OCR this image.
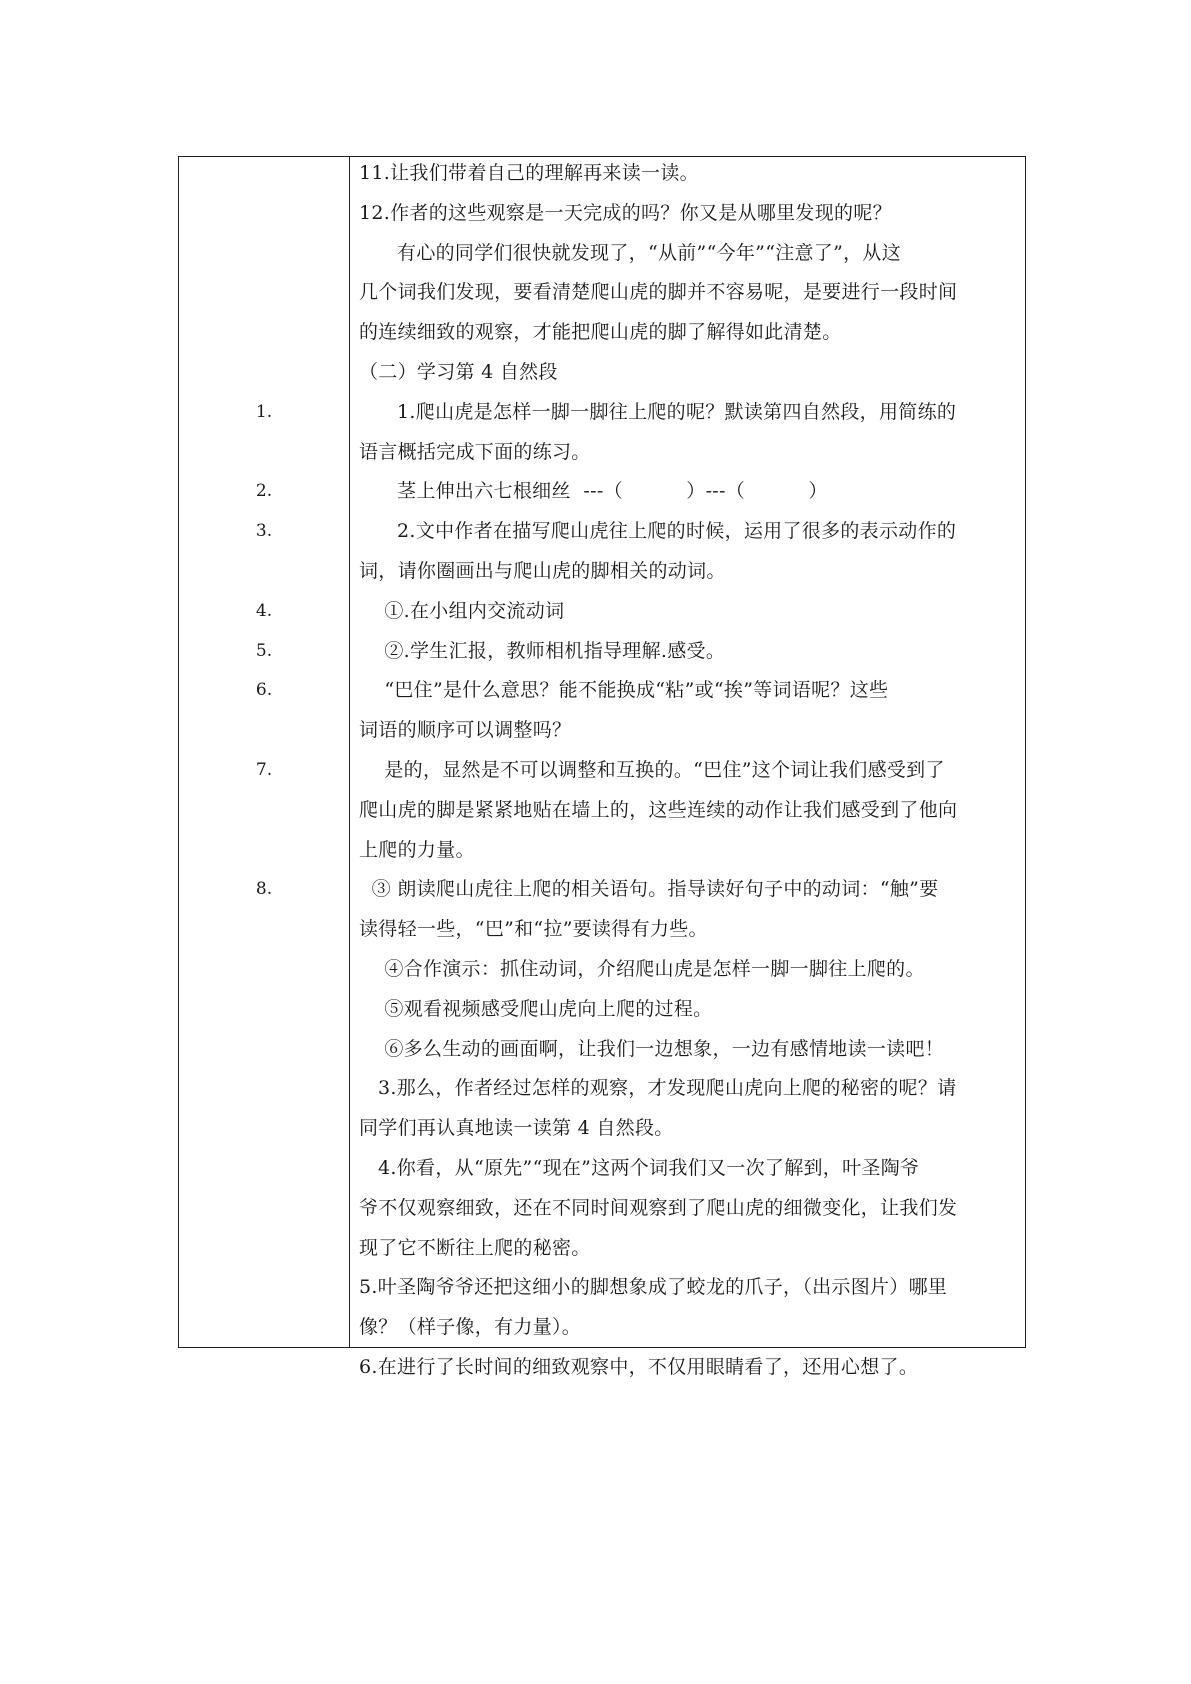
11.让我们带着自己的理解再来读一读。
12.作者的这些观察是一天完成的吗？你又是从哪里发现的呢？
有心的同学们很快就发现了，“从前”“今年”“注意了”，从这
几个词我们发现，要看清楚爬山虎的脚并不容易呢，是要进行一段时间
的连续细致的观察，才能把爬山虎的脚了解得如此清楚。
（二）学习第 4 自然段
1.爬山虎是怎样一脚一脚往上爬的呢？默读第四自然段，用简练的
1.
语言概括完成下面的练习。
茎上伸出六七根细丝  ---（          ）---（          ）
2.
2.文中作者在描写爬山虎往上爬的时候，运用了很多的表示动作的
3.
词，请你圈画出与爬山虎的脚相关的动词。
①.在小组内交流动词
4.
②.学生汇报，教师相机指导理解.感受。
5.
“巴住”是什么意思？能不能换成“粘”或“挨”等词语呢？这些
6.
词语的顺序可以调整吗？
是的，显然是不可以调整和互换的。“巴住”这个词让我们感受到了
7.
爬山虎的脚是紧紧地贴在墙上的，这些连续的动作让我们感受到了他向
上爬的力量。
③ 朗读爬山虎往上爬的相关语句。指导读好句子中的动词：“触”要
8.
读得轻一些，“巴”和“拉”要读得有力些。
④合作演示：抓住动词，介绍爬山虎是怎样一脚一脚往上爬的。
⑤观看视频感受爬山虎向上爬的过程。
⑥多么生动的画面啊，让我们一边想象，一边有感情地读一读吧！
3.那么，作者经过怎样的观察，才发现爬山虎向上爬的秘密的呢？请
同学们再认真地读一读第 4 自然段。
4.你看，从“原先”“现在”这两个词我们又一次了解到，叶圣陶爷
爷不仅观察细致，还在不同时间观察到了爬山虎的细微变化，让我们发
现了它不断往上爬的秘密。
5.叶圣陶爷爷还把这细小的脚想象成了蛟龙的爪子，（出示图片）哪里
像？（样子像，有力量）。
6.在进行了长时间的细致观察中，不仅用眼睛看了，还用心想了。
